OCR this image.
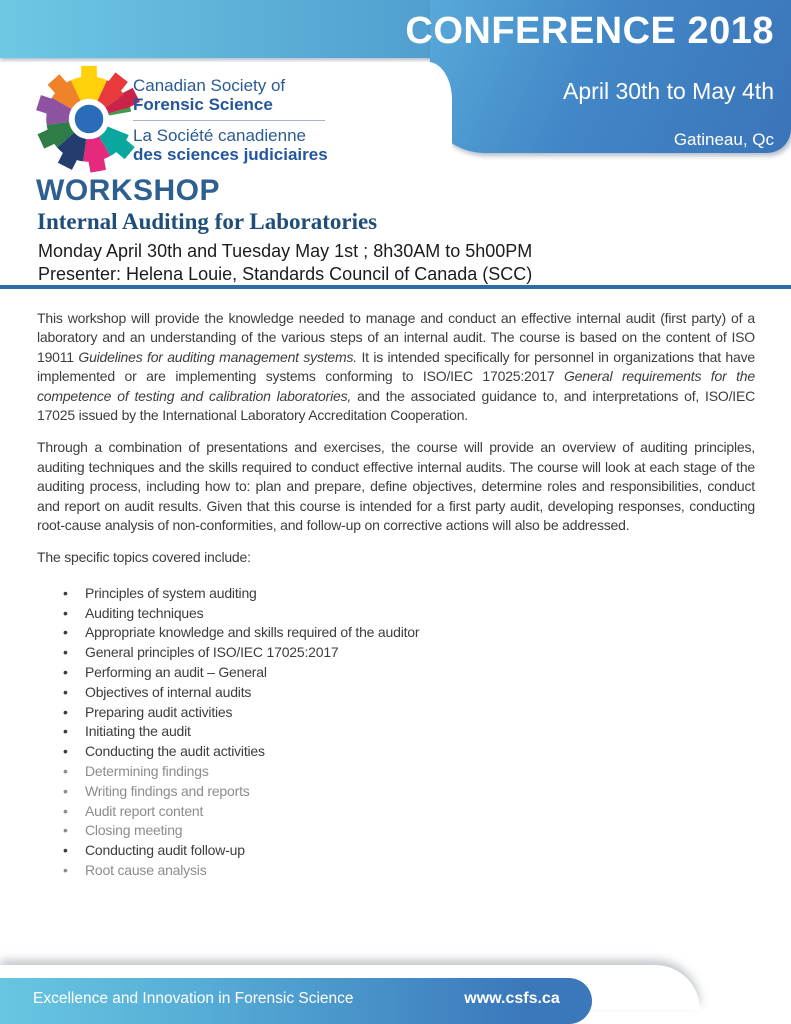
CONFERENCE 2018
April 30th to May 4th
Gatineau, Qc
Canadian Society of
Forensic Science
La Société canadienne
des sciences judiciaires
WORKSHOP
Internal Auditing for Laboratories
Monday April 30th and Tuesday May 1st ; 8h30AM to 5h00PM
Presenter: Helena Louie, Standards Council of Canada (SCC)

This workshop will provide the knowledge needed to manage and conduct an effective internal audit (first party) of a laboratory and an understanding of the various steps of an internal audit. The course is based on the content of ISO 19011 Guidelines for auditing management systems. It is intended specifically for personnel in organizations that have implemented or are implementing systems conforming to ISO/IEC 17025:2017 General requirements for the competence of testing and calibration laboratories, and the associated guidance to, and interpretations of, ISO/IEC 17025 issued by the International Laboratory Accreditation Cooperation.

Through a combination of presentations and exercises, the course will provide an overview of auditing principles, auditing techniques and the skills required to conduct effective internal audits. The course will look at each stage of the auditing process, including how to: plan and prepare, define objectives, determine roles and responsibilities, conduct and report on audit results. Given that this course is intended for a first party audit, developing responses, conducting root-cause analysis of non-conformities, and follow-up on corrective actions will also be addressed.

The specific topics covered include:

•	Principles of system auditing
•	Auditing techniques
•	Appropriate knowledge and skills required of the auditor
•	General principles of ISO/IEC 17025:2017
•	Performing an audit – General
•	Objectives of internal audits
•	Preparing audit activities
•	Initiating the audit
•	Conducting the audit activities
•	Determining findings
•	Writing findings and reports
•	Audit report content
•	Closing meeting
•	Conducting audit follow-up
•	Root cause analysis
Excellence and Innovation in Forensic Science	www.csfs.ca
